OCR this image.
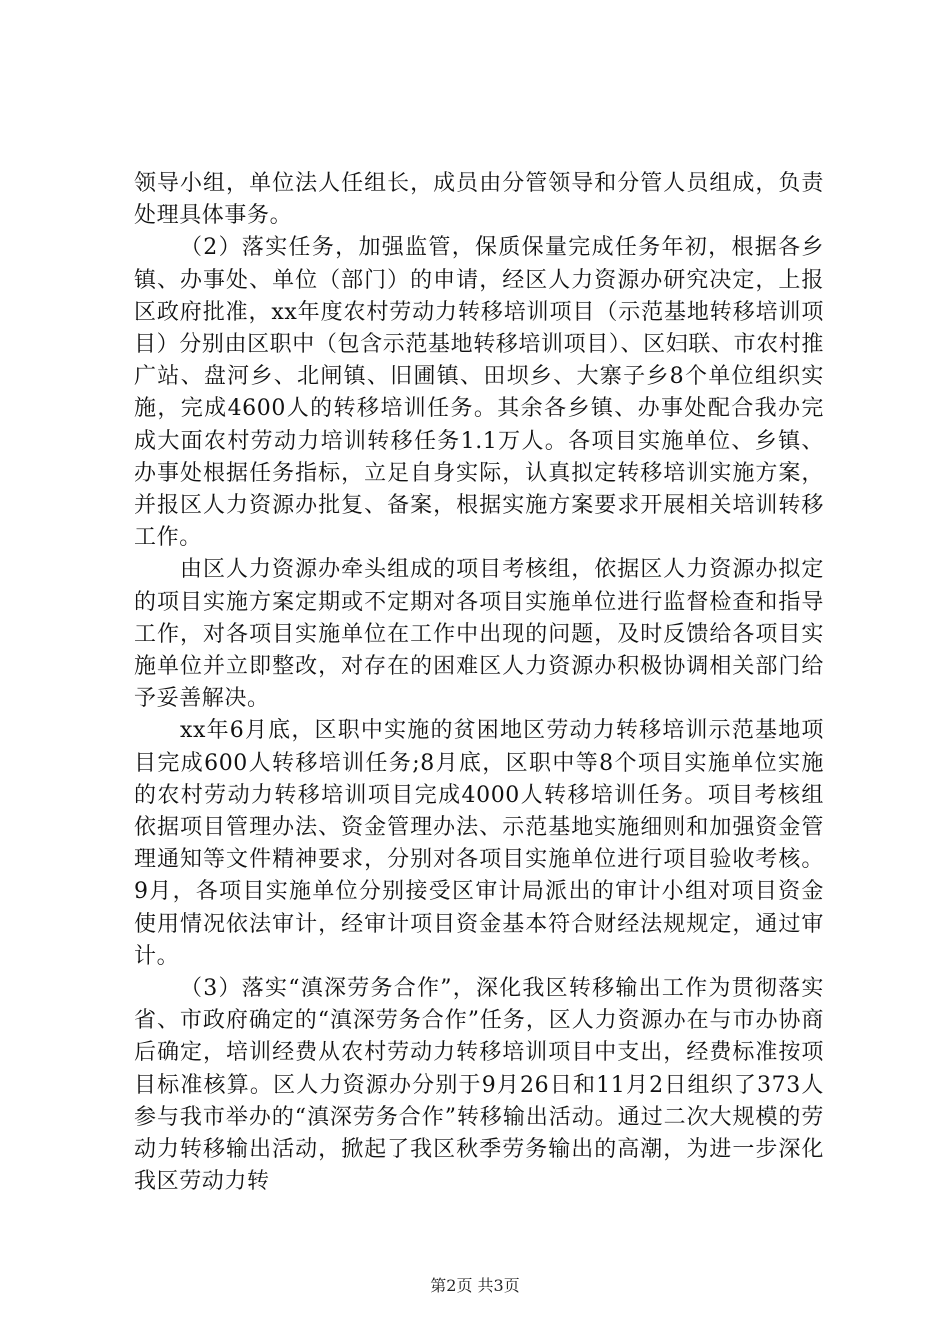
领导小组，单位法人任组长，成员由分管领导和分管人员组成，负责处理具体事务。

（2）落实任务，加强监管，保质保量完成任务年初，根据各乡镇、办事处、单位（部门）的申请，经区人力资源办研究决定，上报区政府批准，xx年度农村劳动力转移培训项目（示范基地转移培训项目）分别由区职中（包含示范基地转移培训项目）、区妇联、市农村推广站、盘河乡、北闸镇、旧圃镇、田坝乡、大寨子乡8个单位组织实施，完成4600人的转移培训任务。其余各乡镇、办事处配合我办完成大面农村劳动力培训转移任务1.1万人。各项目实施单位、乡镇、办事处根据任务指标，立足自身实际，认真拟定转移培训实施方案，并报区人力资源办批复、备案，根据实施方案要求开展相关培训转移工作。

由区人力资源办牵头组成的项目考核组，依据区人力资源办拟定的项目实施方案定期或不定期对各项目实施单位进行监督检查和指导工作，对各项目实施单位在工作中出现的问题，及时反馈给各项目实施单位并立即整改，对存在的困难区人力资源办积极协调相关部门给予妥善解决。

xx年6月底，区职中实施的贫困地区劳动力转移培训示范基地项目完成600人转移培训任务;8月底，区职中等8个项目实施单位实施的农村劳动力转移培训项目完成4000人转移培训任务。项目考核组依据项目管理办法、资金管理办法、示范基地实施细则和加强资金管理通知等文件精神要求，分别对各项目实施单位进行项目验收考核。9月，各项目实施单位分别接受区审计局派出的审计小组对项目资金使用情况依法审计，经审计项目资金基本符合财经法规规定，通过审计。

（3）落实“滇深劳务合作”，深化我区转移输出工作为贯彻落实省、市政府确定的“滇深劳务合作”任务，区人力资源办在与市办协商后确定，培训经费从农村劳动力转移培训项目中支出，经费标准按项目标准核算。区人力资源办分别于9月26日和11月2日组织了373人参与我市举办的“滇深劳务合作”转移输出活动。通过二次大规模的劳动力转移输出活动，掀起了我区秋季劳务输出的高潮，为进一步深化我区劳动力转

第2页 共3页
